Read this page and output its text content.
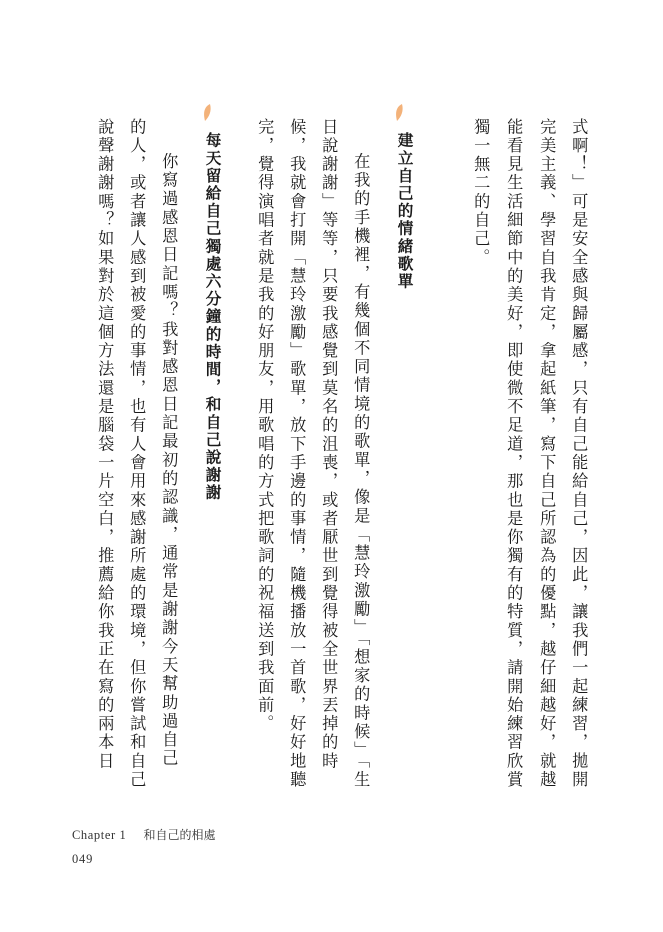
式啊！」可是安全感與歸屬感，只有自己能給自己，因此，讓我們一起練習，拋開
完美主義、學習自我肯定，拿起紙筆，寫下自己所認為的優點，越仔細越好，就越
能看見生活細節中的美好，即使微不足道，那也是你獨有的特質，請開始練習欣賞
獨一無二的自己。
建立自己的情緒歌單
　在我的手機裡，有幾個不同情境的歌單，像是「慧玲激勵」「想家的時候」「生
日說謝謝」等等，只要我感覺到莫名的沮喪，或者厭世到覺得被全世界丟掉的時
候，我就會打開「慧玲激勵」歌單，放下手邊的事情，隨機播放一首歌，好好地聽
完，覺得演唱者就是我的好朋友，用歌唱的方式把歌詞的祝福送到我面前。
每天留給自己獨處六分鐘的時間，和自己說謝謝
　你寫過感恩日記嗎？我對感恩日記最初的認識，通常是謝謝今天幫助過自己
的人，或者讓人感到被愛的事情，也有人會用來感謝所處的環境，但你嘗試和自己
說聲謝謝嗎？如果對於這個方法還是腦袋一片空白，推薦給你我正在寫的兩本日
Chapter 1 和自己的相處
049
